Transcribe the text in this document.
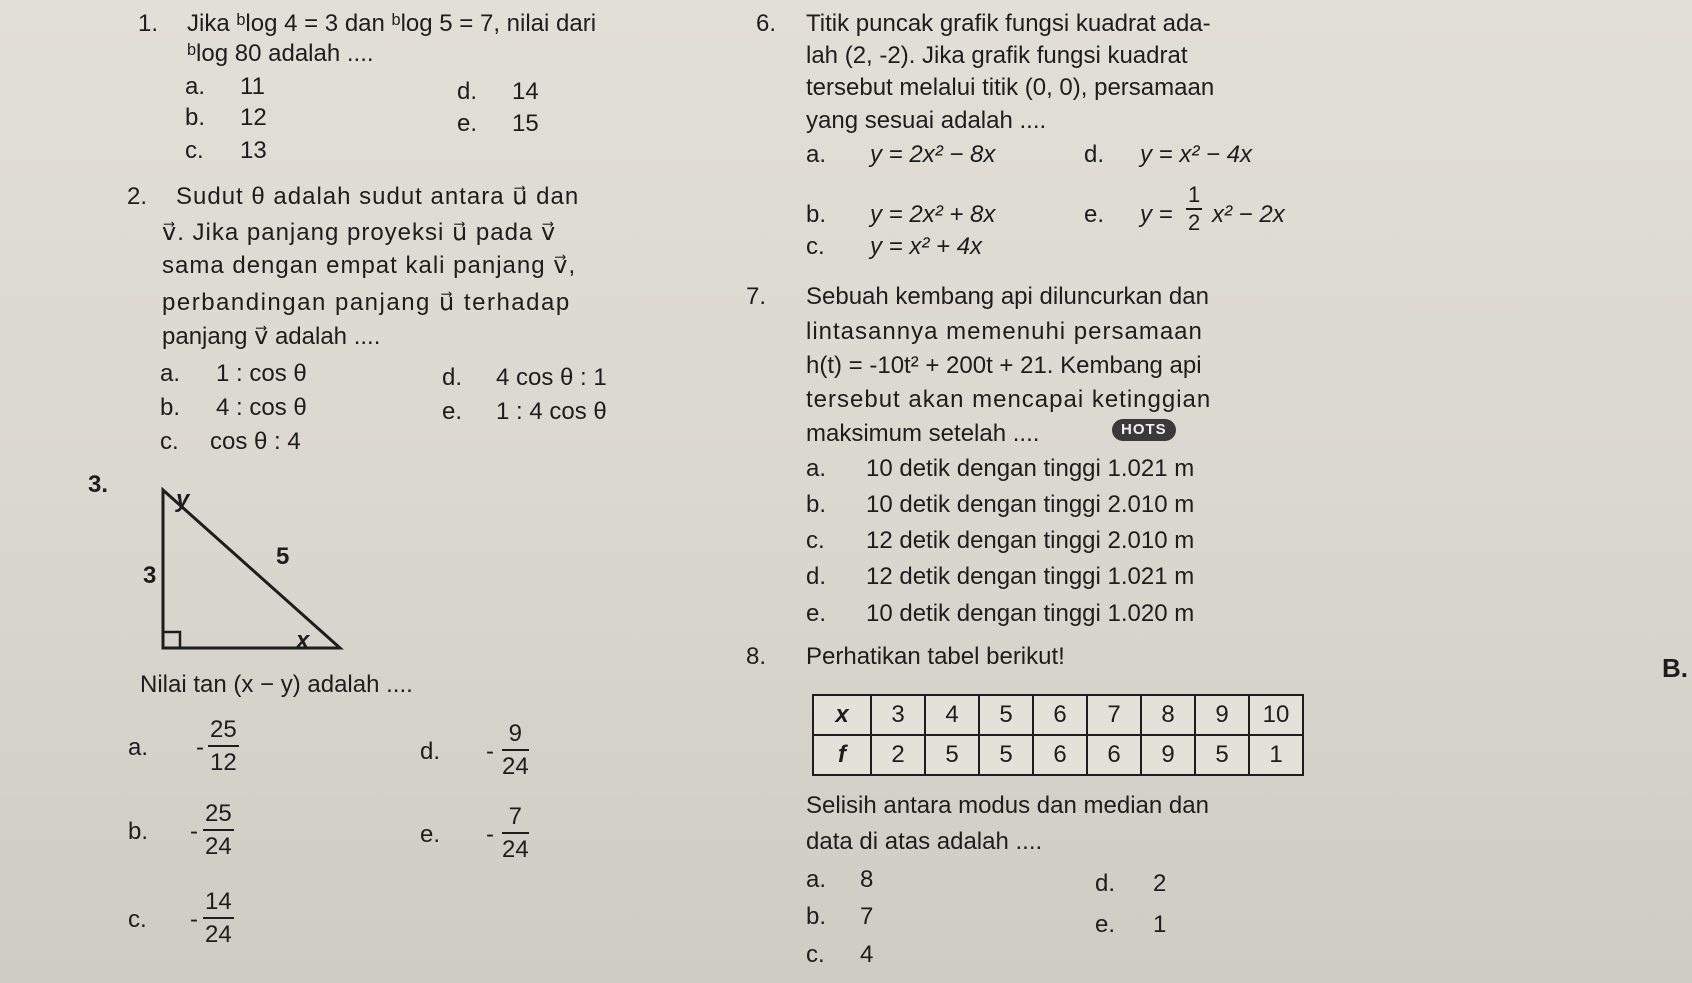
1. Jika ᵇlog 4 = 3 dan ᵇlog 5 = 7, nilai dari
ᵇlog 80 adalah ....
a. 11
b. 12
c. 13
d. 14
e. 15
2. Sudut θ adalah sudut antara u⃗ dan
v⃗. Jika panjang proyeksi u⃗ pada v⃗
sama dengan empat kali panjang v⃗,
perbandingan panjang u⃗ terhadap
panjang v⃗ adalah ....
a. 1 : cos θ
b. 4 : cos θ
c. cos θ : 4
d. 4 cos θ : 1
e. 1 : 4 cos θ
3.
y
3
5
x
Nilai tan (x − y) adalah ....
a. - $\frac{25}{12}$
b. - $\frac{25}{24}$
c. - $\frac{14}{24}$
d. - $\frac{9}{24}$
e. - $\frac{7}{24}$
6. Titik puncak grafik fungsi kuadrat ada-
lah (2, -2). Jika grafik fungsi kuadrat
tersebut melalui titik (0, 0), persamaan
yang sesuai adalah ....
a. y = 2x² − 8x
b. y = 2x² + 8x
c. y = x² + 4x
d. y = x² − 4x
e. $y = \frac{1}{2} x^2 - 2x$
7. Sebuah kembang api diluncurkan dan
lintasannya memenuhi persamaan
h(t) = -10t² + 200t + 21. Kembang api
tersebut akan mencapai ketinggian
maksimum setelah ....	HOTS
a. 10 detik dengan tinggi 1.021 m
b. 10 detik dengan tinggi 2.010 m
c. 12 detik dengan tinggi 2.010 m
d. 12 detik dengan tinggi 1.021 m
e. 10 detik dengan tinggi 1.020 m
8. Perhatikan tabel berikut!
x	3	4	5	6	7	8	9	10
f	2	5	5	6	6	9	5	1
Selisih antara modus dan median dan
data di atas adalah ....
a. 8
b. 7
c. 4
d. 2
e. 1
B.
